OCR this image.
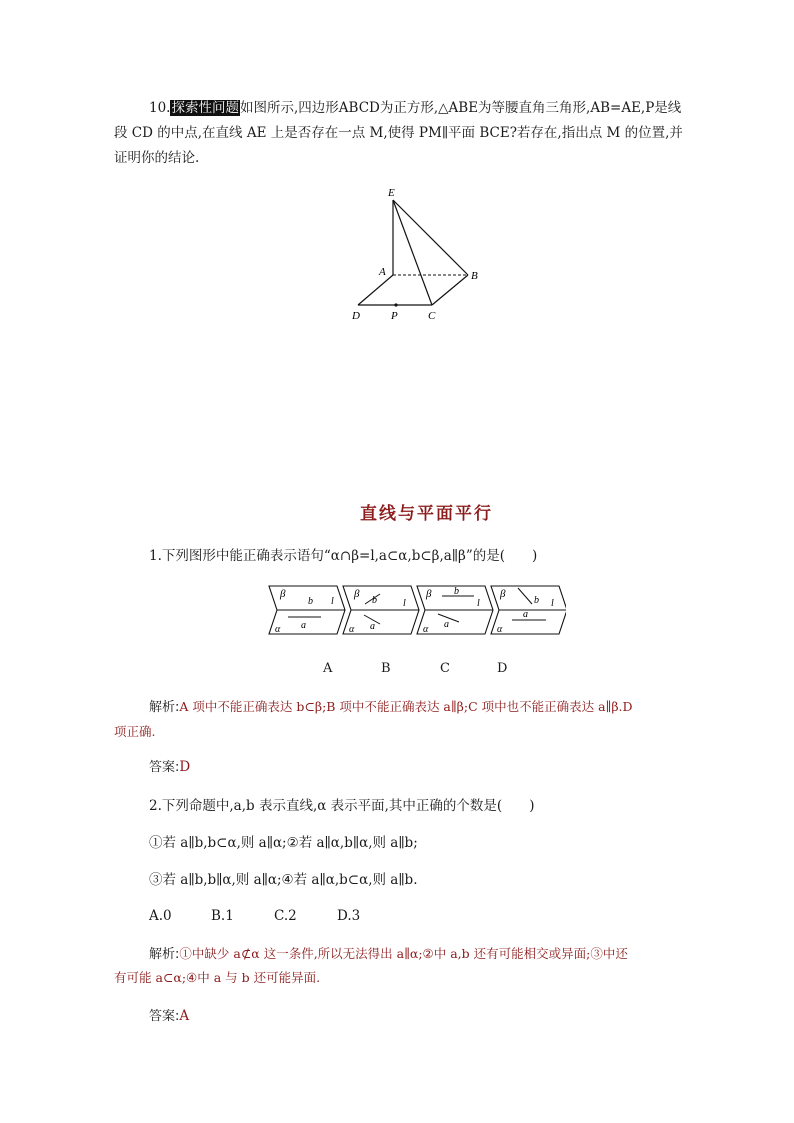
10.探索性问题如图所示,四边形ABCD为正方形,△ABE为等腰直角三角形,AB=AE,P是线
段 CD 的中点,在直线 AE 上是否存在一点 M,使得 PM∥平面 BCE?若存在,指出点 M 的位置,并
证明你的结论.
E
A	B
D	P	C
直线与平面平行
1.下列图形中能正确表示语句“α∩β=l,a⊂α,b⊂β,a∥β”的是(　　)
β
b l
α a
β
b	l
α a
β b
l
α a
β
b l
α
a
A	B	C	D
解析:A 项中不能正确表达 b⊂β;B 项中不能正确表达 a∥β;C 项中也不能正确表达 a∥β.D
项正确.
答案:D
2.下列命题中,a,b 表示直线,α 表示平面,其中正确的个数是(　　)
①若 a∥b,b⊂α,则 a∥α;②若 a∥α,b∥α,则 a∥b;
③若 a∥b,b∥α,则 a∥α;④若 a∥α,b⊂α,则 a∥b.
A.0	B.1	C.2	D.3
解析:①中缺少 a⊄α 这一条件,所以无法得出 a∥α;②中 a,b 还有可能相交或异面;③中还
有可能 a⊂α;④中 a 与 b 还可能异面.
答案:A
